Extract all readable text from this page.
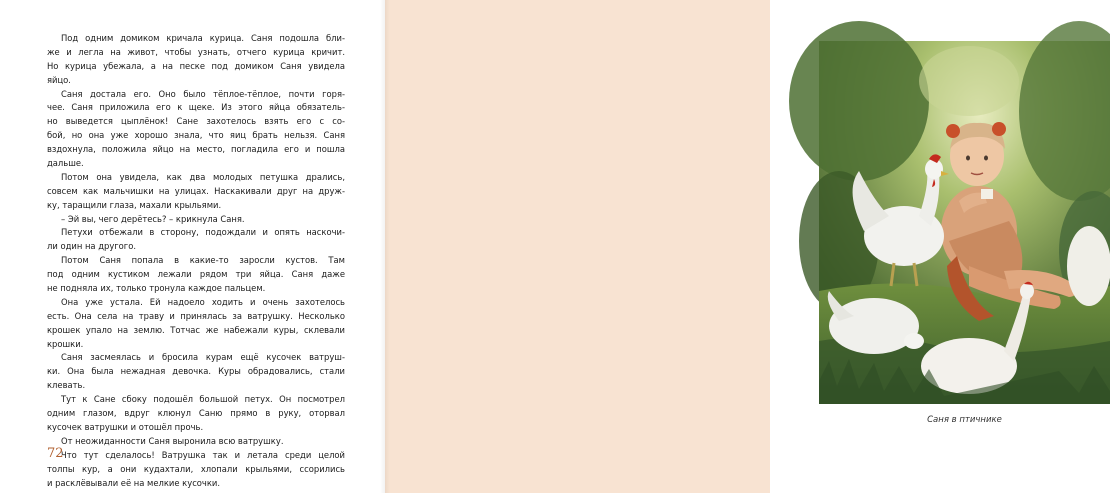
Под одним домиком кричала курица. Саня подошла бли-
же и легла на живот, чтобы узнать, отчего курица кричит.
Но курица убежала, а на песке под домиком Саня увидела
яйцо.
Саня достала его. Оно было тёплое-тёплое, почти горя-
чее. Саня приложила его к щеке. Из этого яйца обязатель-
но выведется цыплёнок! Сане захотелось взять его с со-
бой, но она уже хорошо знала, что яиц брать нельзя. Саня
вздохнула, положила яйцо на место, погладила его и пошла
дальше.
Потом она увидела, как два молодых петушка дрались,
совсем как мальчишки на улицах. Наскакивали друг на друж-
ку, таращили глаза, махали крыльями.
– Эй вы, чего дерётесь? – крикнула Саня.
Петухи отбежали в сторону, подождали и опять наскочи-
ли один на другого.
Потом Саня попала в какие-то заросли кустов. Там
под одним кустиком лежали рядом три яйца. Саня даже
не подняла их, только тронула каждое пальцем.
Она уже устала. Ей надоело ходить и очень захотелось
есть. Она села на траву и принялась за ватрушку. Несколько
крошек упало на землю. Тотчас же набежали куры, склевали
крошки.
Саня засмеялась и бросила курам ещё кусочек ватруш-
ки. Она была нежадная девочка. Куры обрадовались, стали
клевать.
Тут к Сане сбоку подошёл большой петух. Он посмотрел
одним глазом, вдруг клюнул Саню прямо в руку, оторвал
кусочек ватрушки и отошёл прочь.
От неожиданности Саня выронила всю ватрушку.
Что тут сделалось! Ватрушка так и летала среди целой
толпы кур, а они кудахтали, хлопали крыльями, ссорились
и расклёвывали её на мелкие кусочки.
72
Саня в птичнике
